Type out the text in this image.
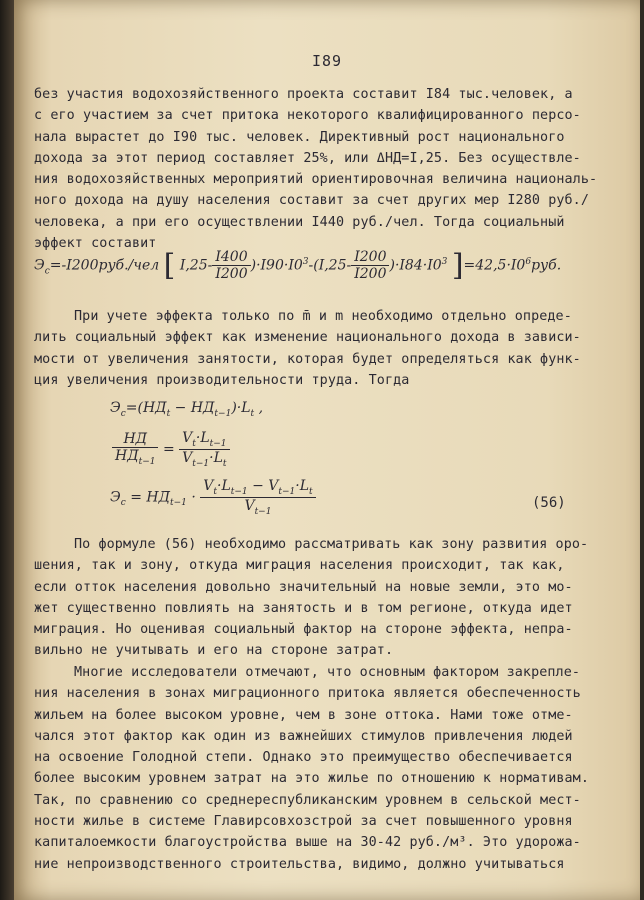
I89
без участия водохозяйственного проекта составит I84 тыс.человек, а
с его участием за счет притока некоторого квалифицированного персо-
нала вырастет до I90 тыс. человек. Директивный рост национального
дохода за этот период составляет 25%, или ΔНД=I,25. Без осуществле-
ния водохозяйственных мероприятий ориентировочная величина националь-
ного дохода на душу населения составит за счет других мер I280 руб./
человека, а при его осуществлении I440 руб./чел. Тогда социальный
эффект составит
$Э_с=-I200руб$./чел [ $I,25- \frac{I400}{I200} )\cdot I90\cdot I0^3-(I,25- \frac{I200}{I200} )\cdot I84\cdot I0^3$ ]$=42,5\cdot I0^6руб$.
При учете эффекта только по m̄ и m необходимо отдельно опреде-
лить социальный эффект как изменение национального дохода в зависи-
мости от увеличения занятости, которая будет определяться как функ-
ция увеличения производительности труда. Тогда
$Э_с=(НД̄_t - НД_{t-1})\cdot L_t$ ,
$\frac{НД̄}{НД̄_{t-1}} = \frac{V_t\cdot L_{t-1}}{V_{t-1}\cdot L_t}$
$Э_с$ = $НД̄_{t-1} \cdot \frac{V_t\cdot L_{t-1} - V_{t-1}\cdot L_t}{V_{t-1}}$	(56)
По формуле (56) необходимо рассматривать как зону развития оро-
шения, так и зону, откуда миграция населения происходит, так как,
если отток населения довольно значительный на новые земли, это мо-
жет существенно повлиять на занятость и в том регионе, откуда идет
миграция. Но оценивая социальный фактор на стороне эффекта, непра-
вильно не учитывать и его на стороне затрат.
Многие исследователи отмечают, что основным фактором закрепле-
ния населения в зонах миграционного притока является обеспеченность
жильем на более высоком уровне, чем в зоне оттока. Нами тоже отме-
чался этот фактор как один из важнейших стимулов привлечения людей
на освоение Голодной степи. Однако это преимущество обеспечивается
более высоким уровнем затрат на это жилье по отношению к нормативам.
Так, по сравнению со среднереспубликанским уровнем в сельской мест-
ности жилье в системе Главирсовхозстрой за счет повышенного уровня
капиталоемкости благоустройства выше на 30-42 руб./м³. Это удорожа-
ние непроизводственного строительства, видимо, должно учитываться
